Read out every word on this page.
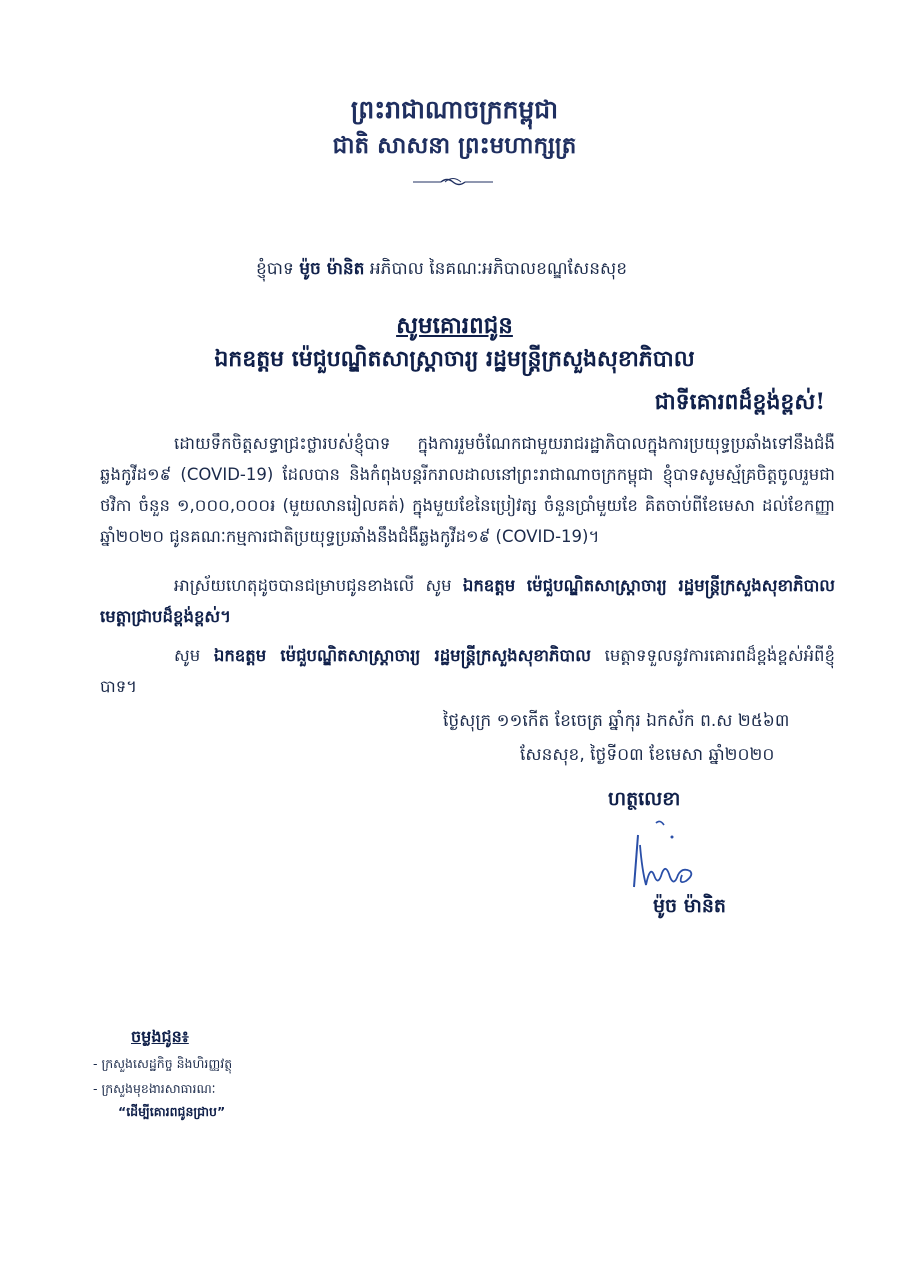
ព្រះរាជាណាចក្រកម្ពុជា
ជាតិ សាសនា ព្រះមហាក្សត្រ
ខ្ញុំបាទ ម៉ូច ម៉ានិត អភិបាល នៃគណៈអភិបាលខណ្ឌសែនសុខ
សូមគោរពជូន
ឯកឧត្តម ម៉េជួបណ្ឌិតសាស្ត្រាចារ្យ រដ្ឋមន្ត្រីក្រសួងសុខាភិបាល
ជាទីគោរពដ៏ខ្ពង់ខ្ពស់!
ដោយទឹកចិត្តសទ្ធាជ្រះថ្លារបស់ខ្ញុំបាទ ក្នុងការរួមចំណែកជាមួយរាជរដ្ឋាភិបាលក្នុងការប្រយុទ្ធប្រឆាំងទៅនឹងជំងឺឆ្លងកូវីដ១៩ (COVID-19) ដែលបាន និងកំពុងបន្តរីករាលដាលនៅព្រះរាជាណាចក្រកម្ពុជា ខ្ញុំបាទសូមស្ម័គ្រចិត្តចូលរួមជាថវិកា ចំនួន ១,០០០,០០០៛ (មួយលានរៀលគត់) ក្នុងមួយខែនៃប្រៀវត្ស ចំនួនប្រាំមួយខែ គិតចាប់ពីខែមេសា ដល់ខែកញ្ញា ឆ្នាំ២០២០ ជូនគណៈកម្មការជាតិប្រយុទ្ធប្រឆាំងនឹងជំងឺឆ្លងកូវីដ១៩ (COVID-19)។
អាស្រ័យហេតុដូចបានជម្រាបជូនខាងលើ សូម ឯកឧត្តម ម៉េជួបណ្ឌិតសាស្ត្រាចារ្យ រដ្ឋមន្ត្រីក្រសួងសុខាភិបាល មេត្តាជ្រាបដ៏ខ្ពង់ខ្ពស់។
សូម ឯកឧត្តម ម៉េជួបណ្ឌិតសាស្ត្រាចារ្យ រដ្ឋមន្ត្រីក្រសួងសុខាភិបាល មេត្តាទទួលនូវការគោរពដ៏ខ្ពង់ខ្ពស់អំពីខ្ញុំបាទ។
ថ្ងៃសុក្រ ១១កើត ខែចេត្រ ឆ្នាំកុរ ឯកស័ក ព.ស ២៥៦៣
សែនសុខ, ថ្ងៃទី០៣ ខែមេសា ឆ្នាំ២០២០
ហត្ថលេខា
ម៉ូច ម៉ានិត
ចម្លងជូន៖
- ក្រសួងសេដ្ឋកិច្ច និងហិរញ្ញវត្ថុ
- ក្រសួងមុខងារសាធារណៈ
“ដើម្បីគោរពជូនជ្រាប”
